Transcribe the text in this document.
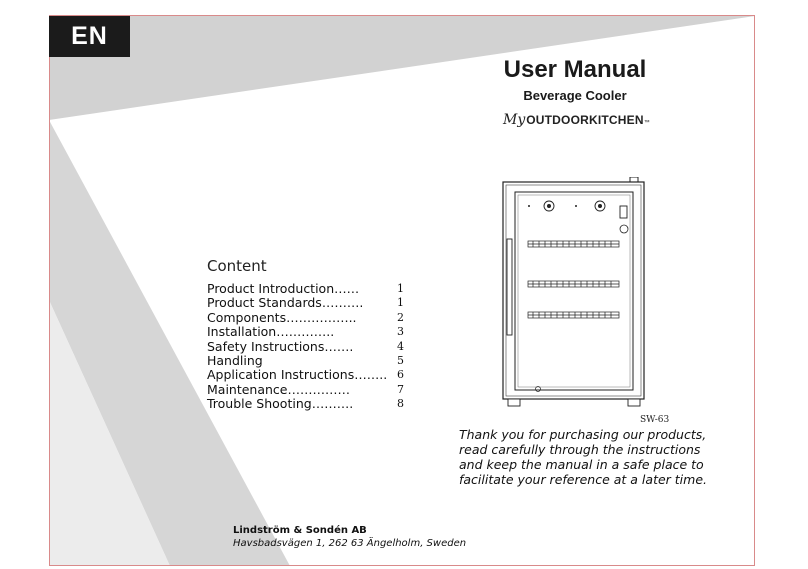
EN
User Manual
Beverage Cooler
My OUTDOORKITCHEN ™
SW-63
Content
Product Introduction……	1
Product Standards……….	1
Components……………..	2
Installation…………..	3
Safety Instructions…….	4
Handling	5
Application Instructions…….. 6
Maintenance……………	7
Trouble Shooting……….	8
Thank you for purchasing our products, read carefully through the instructions and keep the manual in a safe place to facilitate your reference at a later time.
Lindström & Sondén AB
Havsbadsvägen 1, 262 63 Ängelholm, Sweden
